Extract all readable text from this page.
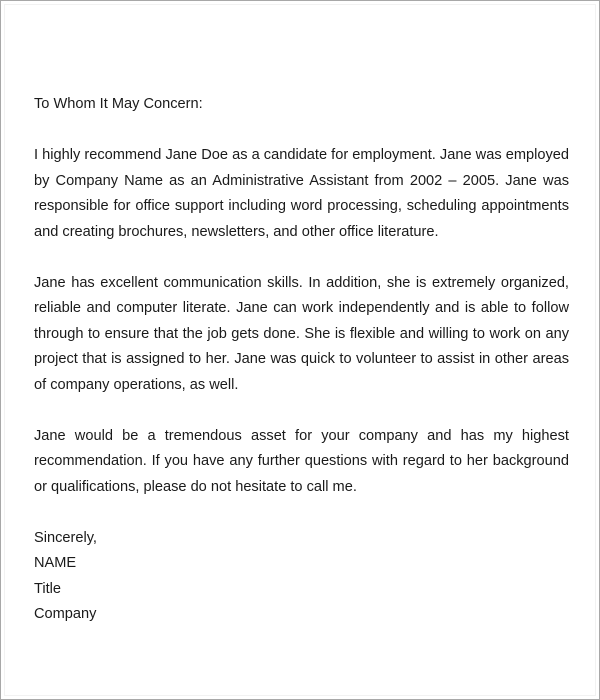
To Whom It May Concern:

I highly recommend Jane Doe as a candidate for employment. Jane was employed by Company Name as an Administrative Assistant from 2002 – 2005. Jane was responsible for office support including word processing, scheduling appointments and creating brochures, newsletters, and other office literature.

Jane has excellent communication skills. In addition, she is extremely organized, reliable and computer literate. Jane can work independently and is able to follow through to ensure that the job gets done. She is flexible and willing to work on any project that is assigned to her. Jane was quick to volunteer to assist in other areas of company operations, as well.

Jane would be a tremendous asset for your company and has my highest recommendation. If you have any further questions with regard to her background or qualifications, please do not hesitate to call me.

Sincerely,

NAME

Title

Company
